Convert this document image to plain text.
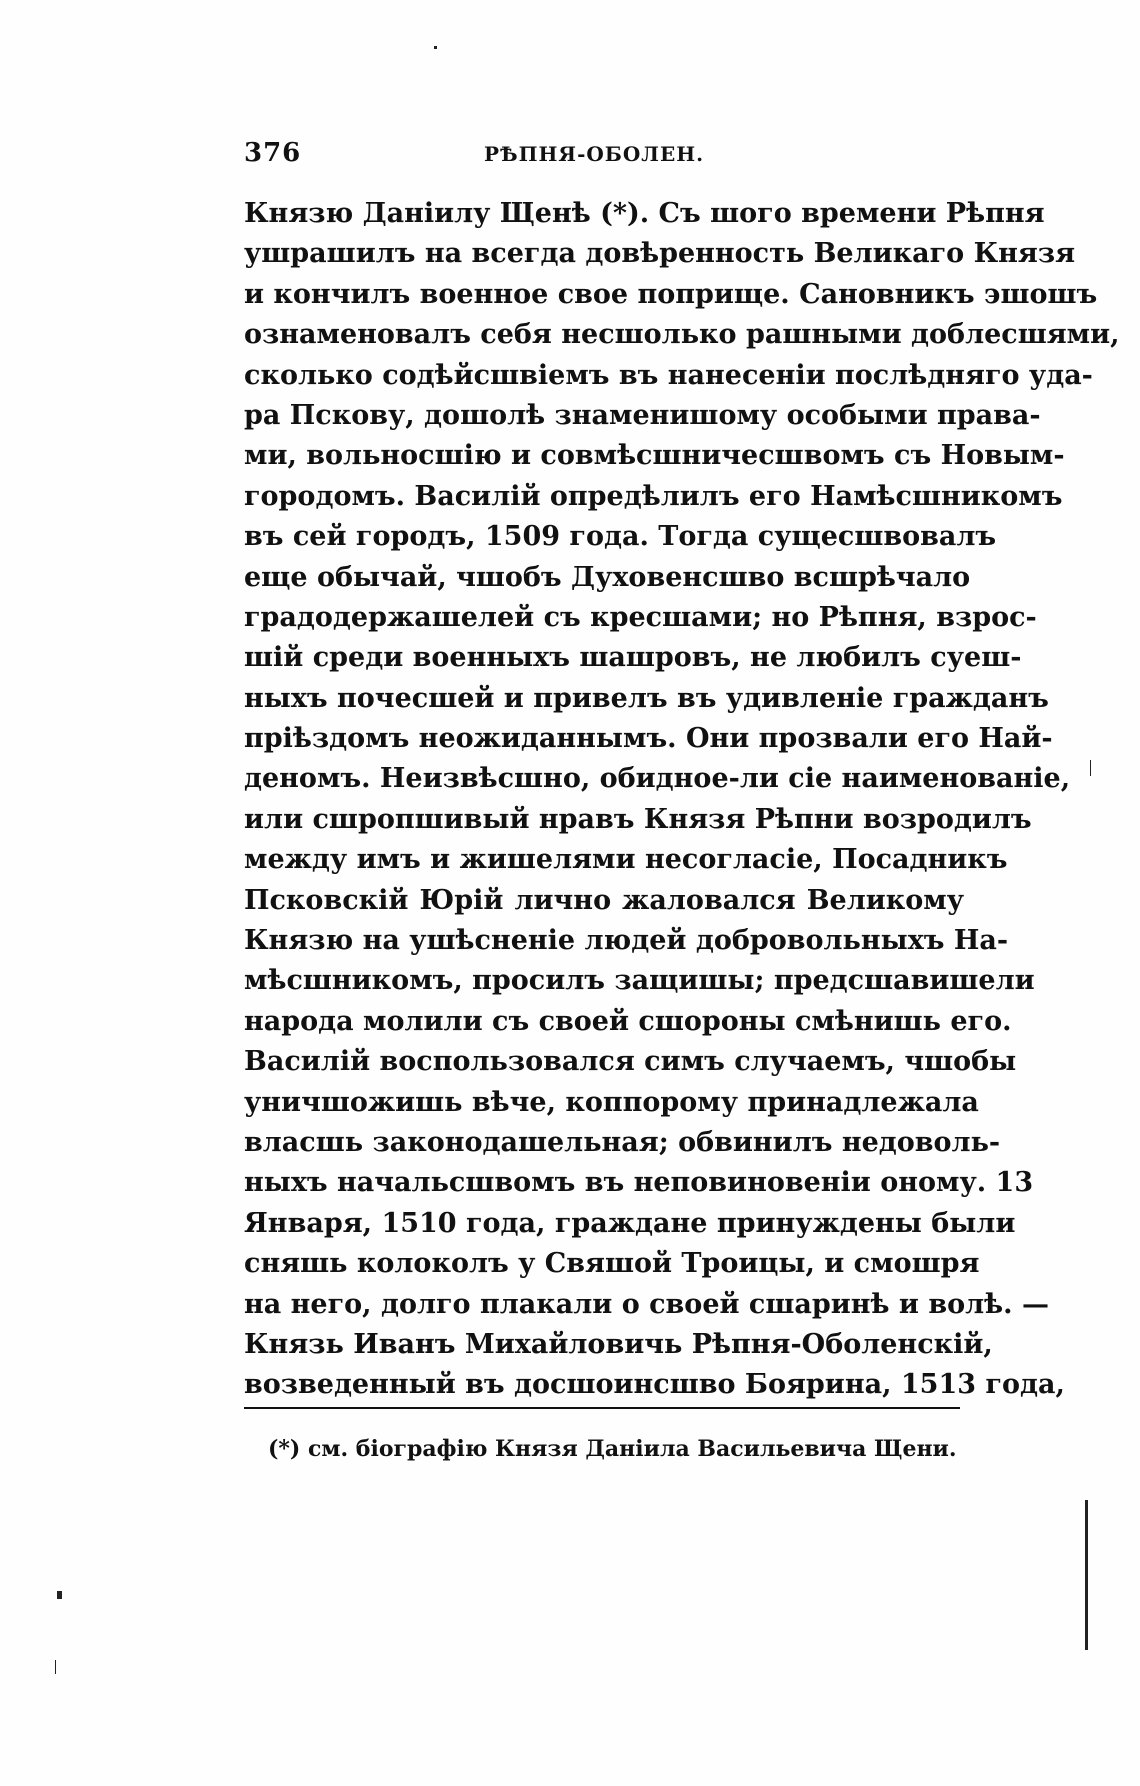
376	РѢПНЯ-ОБОЛЕН.
Князю Даніилу Щенѣ (*). Съ шого времени Рѣпня
ушрашилъ на всегда довѣренность Великаго Князя
и кончилъ военное свое поприще. Сановникъ эшошъ
ознаменовалъ себя несшолько рашными доблесшями,
сколько содѣйсшвіемъ въ нанесеніи послѣдняго уда-
ра Пскову, дошолѣ знаменишому особыми права-
ми, вольносшію и совмѣсшничесшвомъ съ Новым-
городомъ. Василій опредѣлилъ его Намѣсшникомъ
въ сей городъ, 1509 года. Тогда сущесшвовалъ
еще обычай, чшобъ Духовенсшво всшрѣчало
градодержашелей съ кресшами; но Рѣпня, взрос-
шій среди военныхъ шашровъ, не любилъ суеш-
ныхъ почесшей и привелъ въ удивленіе гражданъ
пріѣздомъ неожиданнымъ. Они прозвали его Най-
деномъ. Неизвѣсшно, обидное-ли сіе наименованіе,
или сшропшивый нравъ Князя Рѣпни возродилъ
между имъ и жишелями несогласіе, Посадникъ
Псковскій Юрій лично жаловался Великому
Князю на ушѣсненіе людей добровольныхъ На-
мѣсшникомъ, просилъ защишы; предсшавишели
народа молили съ своей сшороны смѣнишь его.
Василій воспользовался симъ случаемъ, чшобы
уничшожишь вѣче, коппорому принадлежала
власшь законодашельная; обвинилъ недоволь-
ныхъ начальсшвомъ въ неповиновеніи оному. 13
Января, 1510 года, граждане принуждены были
сняшь колоколъ у Свяшой Троицы, и смошря
на него, долго плакали о своей сшаринѣ и волѣ. —
Князь Иванъ Михайловичь Рѣпня-Оболенскій,
возведенный въ досшоинсшво Боярина, 1513 года,
(*) см. біографію Князя Даніила Васильевича Щени.
